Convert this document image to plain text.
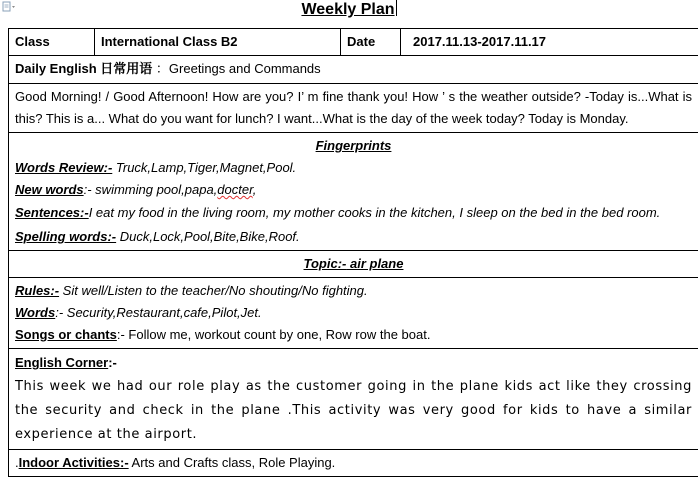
Weekly Plan
Class	International Class B2	Date	2017.11.13-2017.11.17
Daily English 日常用语 ：Greetings and Commands
Good Morning! / Good Afternoon! How are you? I’ m fine thank you! How ’ s the weather outside? -Today is...What is this? This is a... What do you want for lunch? I want...What is the day of the week today? Today is Monday.

Fingerprints
Words Review:- Truck,Lamp,Tiger,Magnet,Pool.
New words:- swimming pool,papa,docter,
Sentences:-I eat my food in the living room, my mother cooks in the kitchen, I sleep on the bed in the bed room.
Spelling words:- Duck,Lock,Pool,Bite,Bike,Roof.

Topic:- air plane

Rules:- Sit well/Listen to the teacher/No shouting/No fighting.
Words:- Security,Restaurant,cafe,Pilot,Jet.
Songs or chants:- Follow me, workout count by one, Row row the boat.

English Corner:-
This week we had our role play as the customer going in the plane kids act like they crossing the security and check in the plane .This activity was very good for kids to have a similar experience at the airport.

.Indoor Activities:- Arts and Crafts class, Role Playing.
